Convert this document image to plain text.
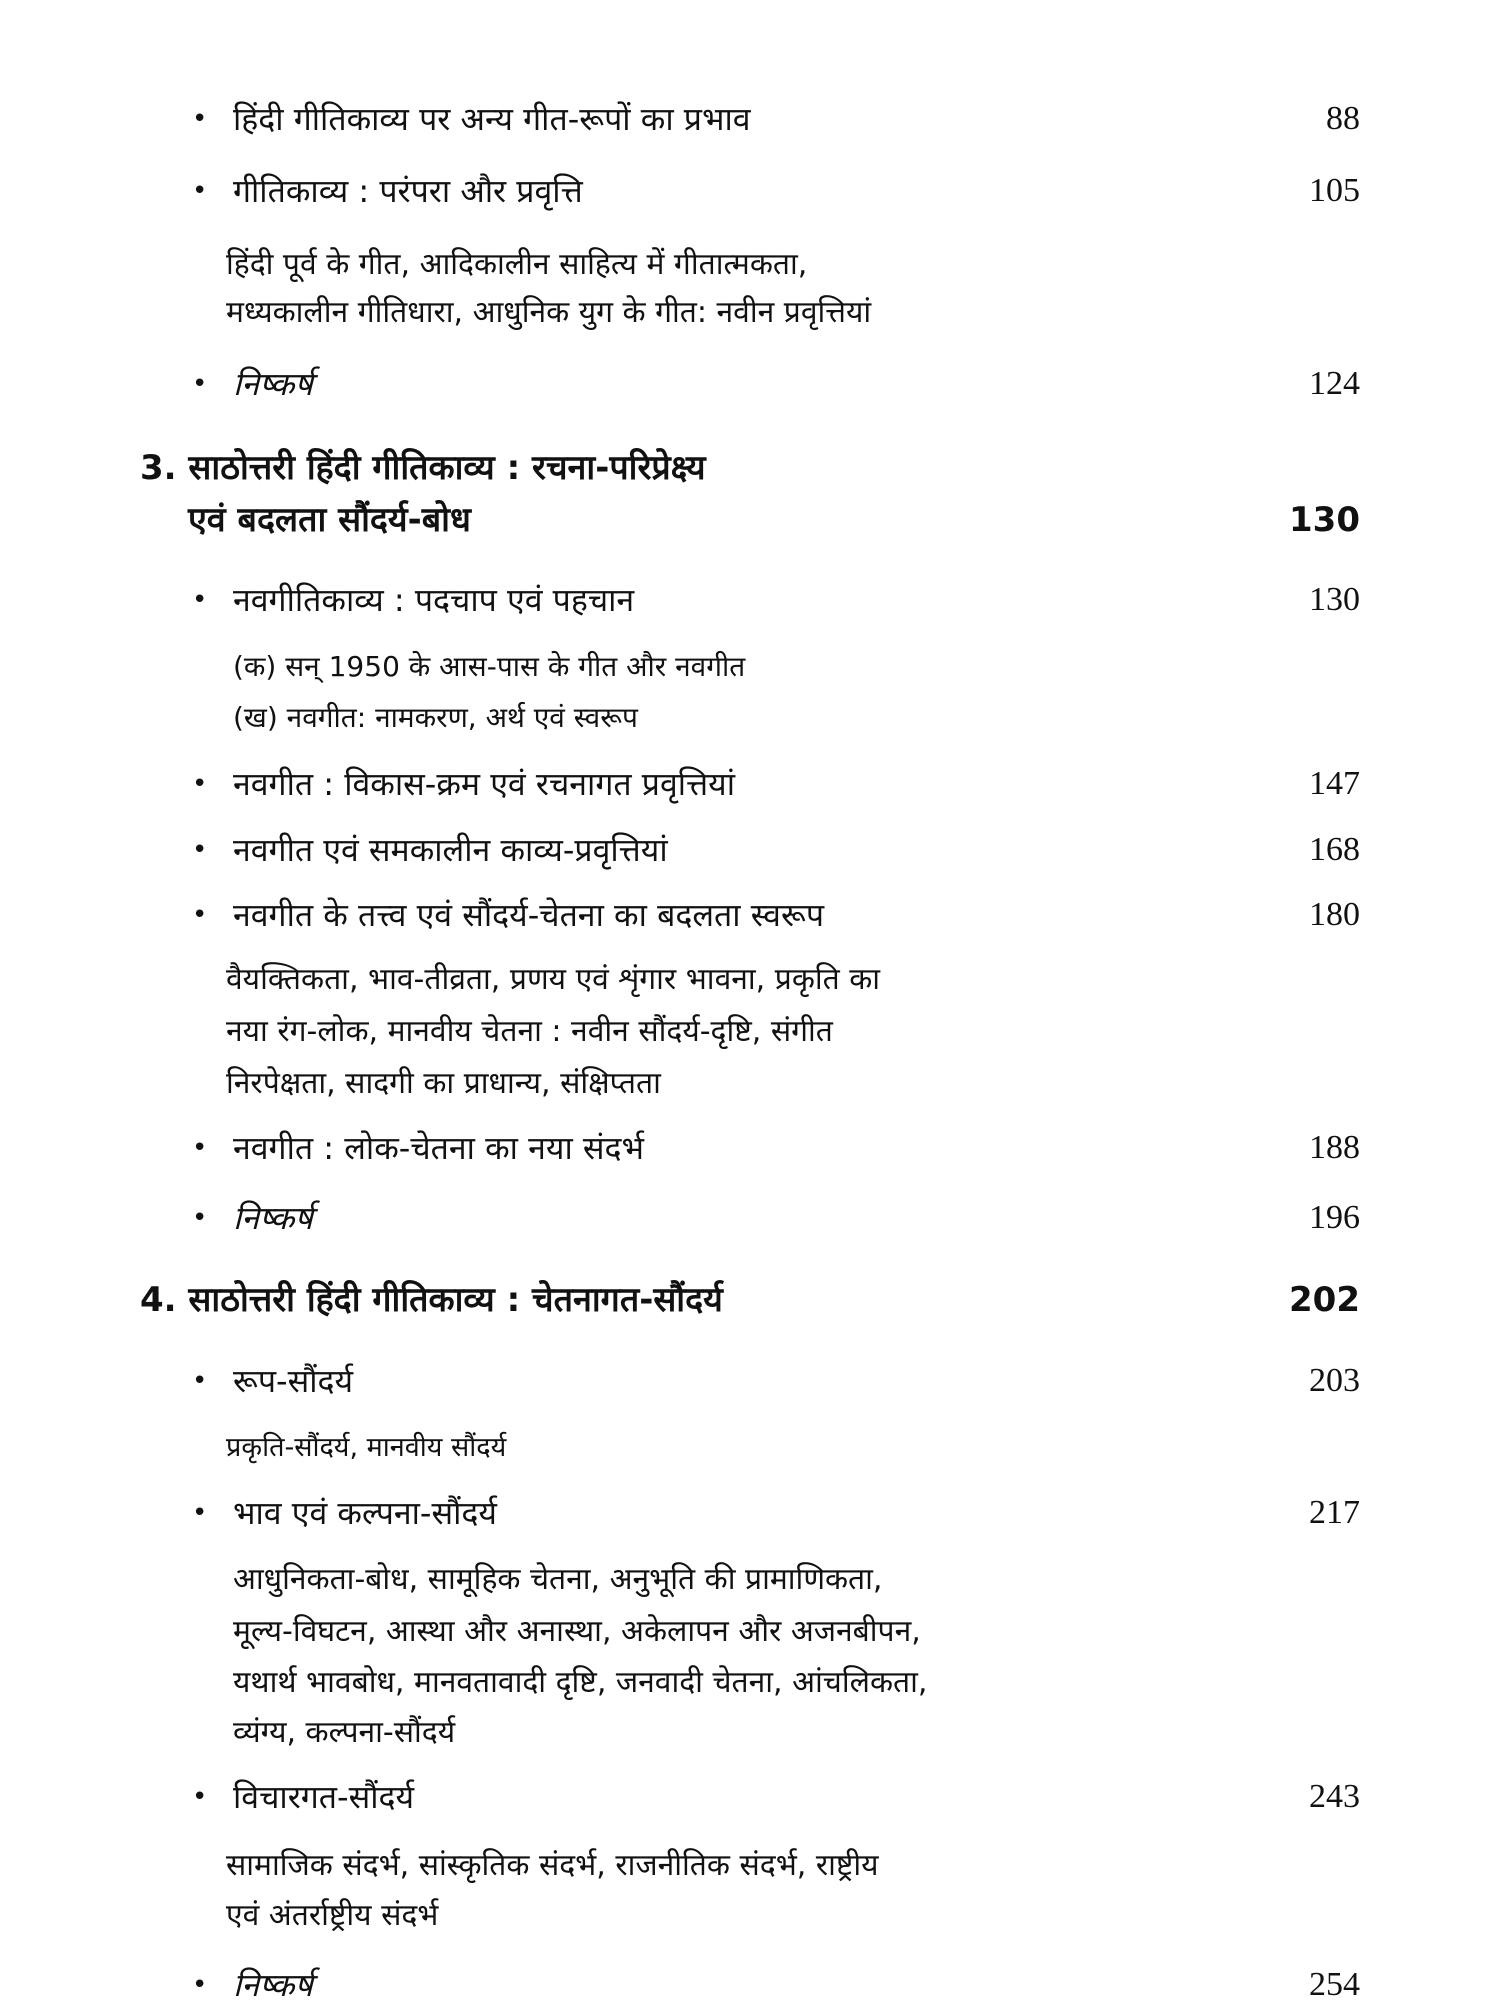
• हिंदी गीतिकाव्य पर अन्य गीत-रूपों का प्रभाव	88
• गीतिकाव्य : परंपरा और प्रवृत्ति	105
हिंदी पूर्व के गीत, आदिकालीन साहित्य में गीतात्मकता,
मध्यकालीन गीतिधारा, आधुनिक युग के गीत: नवीन प्रवृत्तियां
• निष्कर्ष	124
3. साठोत्तरी हिंदी गीतिकाव्य : रचना-परिप्रेक्ष्य
एवं बदलता सौंदर्य-बोध	130
• नवगीतिकाव्य : पदचाप एवं पहचान	130
(क) सन् 1950 के आस-पास के गीत और नवगीत
(ख) नवगीत: नामकरण, अर्थ एवं स्वरूप
• नवगीत : विकास-क्रम एवं रचनागत प्रवृत्तियां	147
• नवगीत एवं समकालीन काव्य-प्रवृत्तियां	168
• नवगीत के तत्त्व एवं सौंदर्य-चेतना का बदलता स्वरूप	180
वैयक्तिकता, भाव-तीव्रता, प्रणय एवं शृंगार भावना, प्रकृति का
नया रंग-लोक, मानवीय चेतना : नवीन सौंदर्य-दृष्टि, संगीत
निरपेक्षता, सादगी का प्राधान्य, संक्षिप्तता
• नवगीत : लोक-चेतना का नया संदर्भ	188
• निष्कर्ष	196
4. साठोत्तरी हिंदी गीतिकाव्य : चेतनागत-सौंदर्य	202
• रूप-सौंदर्य	203
प्रकृति-सौंदर्य, मानवीय सौंदर्य
• भाव एवं कल्पना-सौंदर्य	217
आधुनिकता-बोध, सामूहिक चेतना, अनुभूति की प्रामाणिकता,
मूल्य-विघटन, आस्था और अनास्था, अकेलापन और अजनबीपन,
यथार्थ भावबोध, मानवतावादी दृष्टि, जनवादी चेतना, आंचलिकता,
व्यंग्य, कल्पना-सौंदर्य
• विचारगत-सौंदर्य	243
सामाजिक संदर्भ, सांस्कृतिक संदर्भ, राजनीतिक संदर्भ, राष्ट्रीय
एवं अंतर्राष्ट्रीय संदर्भ
• निष्कर्ष	254
